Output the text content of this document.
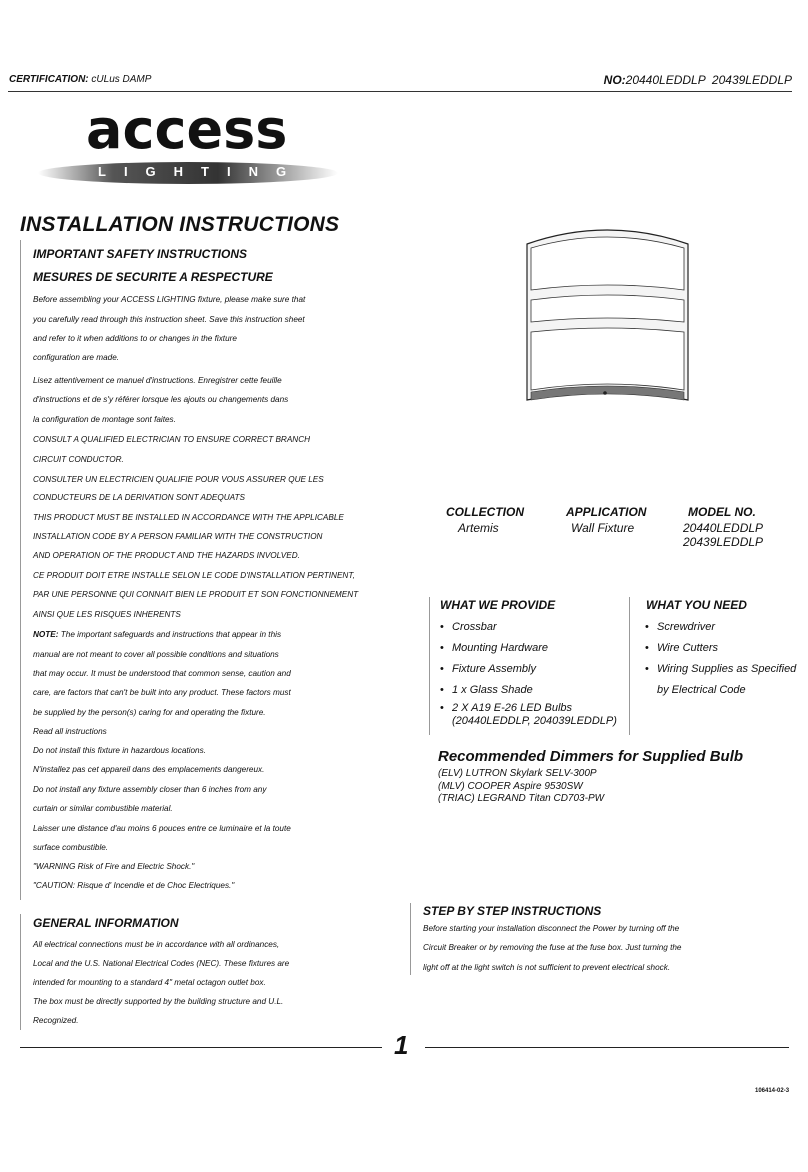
CERTIFICATION: cULus DAMP	NO:20440LEDDLP  20439LEDDLP
access
LIGHTING
INSTALLATION INSTRUCTIONS
IMPORTANT SAFETY INSTRUCTIONS
MESURES DE SECURITE A RESPECTURE
Before assembling your ACCESS LIGHTING fixture, please make sure that
you carefully read through this instruction sheet. Save this instruction sheet
and refer to it when additions to or changes in the fixture
configuration are made.
Lisez attentivement ce manuel d'instructions. Enregistrer cette feuille
d'instructions et de s'y référer lorsque les ajouts ou changements dans
la configuration de montage sont faites.
CONSULT A QUALIFIED ELECTRICIAN TO ENSURE CORRECT BRANCH
CIRCUIT CONDUCTOR.
CONSULTER UN ELECTRICIEN QUALIFIE POUR VOUS ASSURER QUE LES
CONDUCTEURS DE LA DERIVATION SONT ADEQUATS
THIS PRODUCT MUST BE INSTALLED IN ACCORDANCE WITH THE APPLICABLE
INSTALLATION CODE BY A PERSON FAMILIAR WITH THE CONSTRUCTION
AND OPERATION OF THE PRODUCT AND THE HAZARDS INVOLVED.
CE PRODUIT DOIT ETRE INSTALLE SELON LE CODE D'INSTALLATION PERTINENT,
PAR UNE PERSONNE QUI CONNAIT BIEN LE PRODUIT ET SON FONCTIONNEMENT
AINSI QUE LES RISQUES INHERENTS
NOTE: The important safeguards and instructions that appear in this
manual are not meant to cover all possible conditions and situations
that may occur. It must be understood that common sense, caution and
care, are factors that can't be built into any product. These factors must
be supplied by the person(s) caring for and operating the fixture.
Read all instructions
Do not install this fixture in hazardous locations.
N'installez pas cet appareil dans des emplacements dangereux.
Do not install any fixture assembly closer than 6 inches from any
curtain or similar combustible material.
Laisser une distance d'au moins 6 pouces entre ce luminaire et la toute
surface combustible.
"WARNING Risk of Fire and Electric Shock."
"CAUTION: Risque d' Incendie et de Choc Electriques."
GENERAL INFORMATION
All electrical connections must be in accordance with all ordinances,
Local and the U.S. National Electrical Codes (NEC). These fixtures are
intended for mounting to a standard 4" metal octagon outlet box.
The box must be directly supported by the building structure and U.L.
Recognized.
COLLECTION
Artemis
APPLICATION
Wall Fixture
MODEL NO.
20440LEDDLP
20439LEDDLP
WHAT WE PROVIDE
• Crossbar
• Mounting Hardware
• Fixture Assembly
• 1 x Glass Shade
• 2 X A19 E-26 LED Bulbs
(20440LEDDLP, 204039LEDDLP)
WHAT YOU NEED
• Screwdriver
• Wire Cutters
• Wiring Supplies as Specified
by Electrical Code
Recommended Dimmers for Supplied Bulb
(ELV) LUTRON Skylark SELV-300P
(MLV) COOPER Aspire 9530SW
(TRIAC) LEGRAND Titan CD703-PW
STEP BY STEP INSTRUCTIONS
Before starting your installation disconnect the Power by turning off the
Circuit Breaker or by removing the fuse at the fuse box. Just turning the
light off at the light switch is not sufficient to prevent electrical shock.
1
106414-02-3
